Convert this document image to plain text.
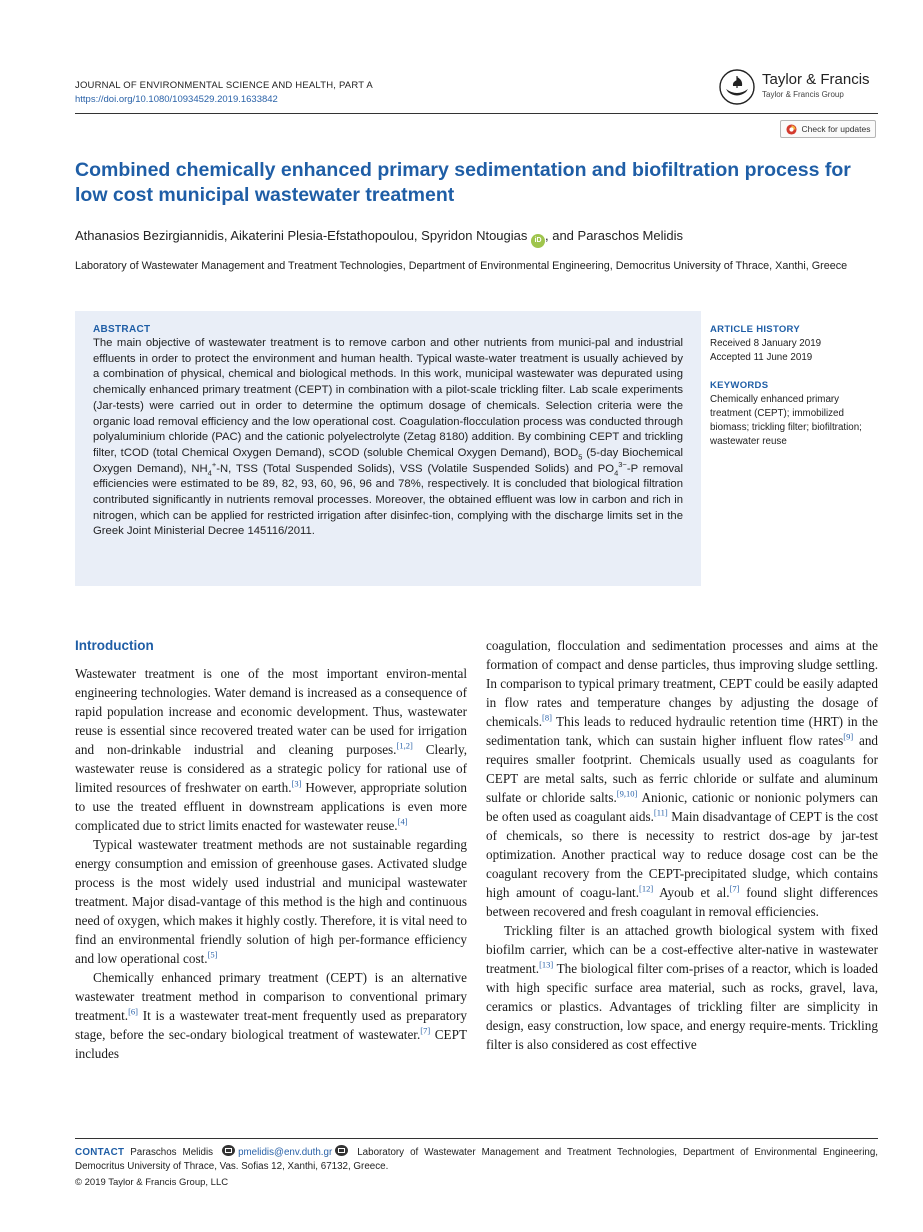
JOURNAL OF ENVIRONMENTAL SCIENCE AND HEALTH, PART A
https://doi.org/10.1080/10934529.2019.1633842
Taylor & Francis
Taylor & Francis Group
Check for updates
Combined chemically enhanced primary sedimentation and biofiltration process for low cost municipal wastewater treatment
Athanasios Bezirgiannidis, Aikaterini Plesia-Efstathopoulou, Spyridon Ntougias iD , and Paraschos Melidis

Laboratory of Wastewater Management and Treatment Technologies, Department of Environmental Engineering, Democritus University of Thrace, Xanthi, Greece

ABSTRACT

The main objective of wastewater treatment is to remove carbon and other nutrients from munici-pal and industrial effluents in order to protect the environment and human health. Typical waste-water treatment is usually achieved by a combination of physical, chemical and biological methods. In this work, municipal wastewater was depurated using chemically enhanced primary treatment (CEPT) in combination with a pilot-scale trickling filter. Lab scale experiments (Jar-tests) were carried out in order to determine the optimum dosage of chemicals. Selection criteria were the organic load removal efficiency and the low operational cost. Coagulation-flocculation process was conducted through polyaluminium chloride (PAC) and the cationic polyelectrolyte (Zetag 8180) addition. By combining CEPT and trickling filter, tCOD (total Chemical Oxygen Demand), sCOD (soluble Chemical Oxygen Demand), $BOD_5$ (5-day Biochemical Oxygen Demand), $NH_4^+-N$, TSS (Total Suspended Solids), VSS (Volatile Suspended Solids) and $PO_4^{3-}-P$ removal efficiencies were estimated to be 89, 82, 93, 60, 96, 96 and 78%, respectively. It is concluded that biological filtration contributed significantly in nutrients removal processes. Moreover, the obtained effluent was low in carbon and rich in nitrogen, which can be applied for restricted irrigation after disinfec-tion, complying with the discharge limits set in the Greek Joint Ministerial Decree 145116/2011.

ARTICLE HISTORY
Received 8 January 2019
Accepted 11 June 2019
KEYWORDS

Chemically enhanced primary treatment (CEPT); immobilized biomass; trickling filter; biofiltration; wastewater reuse

Introduction

Wastewater treatment is one of the most important environ-mental engineering technologies. Water demand is increased as a consequence of rapid population increase and economic development. Thus, wastewater reuse is essential since recovered treated water can be used for irrigation and non-drinkable industrial and cleaning purposes.[1,2] Clearly, wastewater reuse is considered as a strategic policy for rational use of limited resources of freshwater on earth.[3] However, appropriate solution to use the treated effluent in downstream applications is even more complicated due to strict limits enacted for wastewater reuse.[4]

Typical wastewater treatment methods are not sustainable regarding energy consumption and emission of greenhouse gases. Activated sludge process is the most widely used industrial and municipal wastewater treatment. Major disad-vantage of this method is the high and continuous need of oxygen, which makes it highly costly. Therefore, it is vital need to find an environmental friendly solution of high per-formance efficiency and low operational cost.[5]

Chemically enhanced primary treatment (CEPT) is an alternative wastewater treatment method in comparison to conventional primary treatment.[6] It is a wastewater treat-ment frequently used as preparatory stage, before the sec-ondary biological treatment of wastewater.[7] CEPT includes

coagulation, flocculation and sedimentation processes and aims at the formation of compact and dense particles, thus improving sludge settling. In comparison to typical primary treatment, CEPT could be easily adapted in flow rates and temperature changes by adjusting the dosage of chemicals.[8] This leads to reduced hydraulic retention time (HRT) in the sedimentation tank, which can sustain higher influent flow rates[9] and requires smaller footprint. Chemicals usually used as coagulants for CEPT are metal salts, such as ferric chloride or sulfate and aluminum sulfate or chloride salts.[9,10] Anionic, cationic or nonionic polymers can be often used as coagulant aids.[11] Main disadvantage of CEPT is the cost of chemicals, so there is necessity to restrict dos-age by jar-test optimization. Another practical way to reduce dosage cost can be the coagulant recovery from the CEPT-precipitated sludge, which contains high amount of coagu-lant.[12] Ayoub et al.[7] found slight differences between recovered and fresh coagulant in removal efficiencies.

Trickling filter is an attached growth biological system with fixed biofilm carrier, which can be a cost-effective alter-native in wastewater treatment.[13] The biological filter com-prises of a reactor, which is loaded with high specific surface area material, such as rocks, gravel, lava, ceramics or plastics. Advantages of trickling filter are simplicity in design, easy construction, low space, and energy require-ments. Trickling filter is also considered as cost effective

CONTACT Paraschos Melidis pmelidis@env.duth.gr Laboratory of Wastewater Management and Treatment Technologies, Department of Environmental Engineering, Democritus University of Thrace, Vas. Sofias 12, Xanthi, 67132, Greece.

© 2019 Taylor & Francis Group, LLC
